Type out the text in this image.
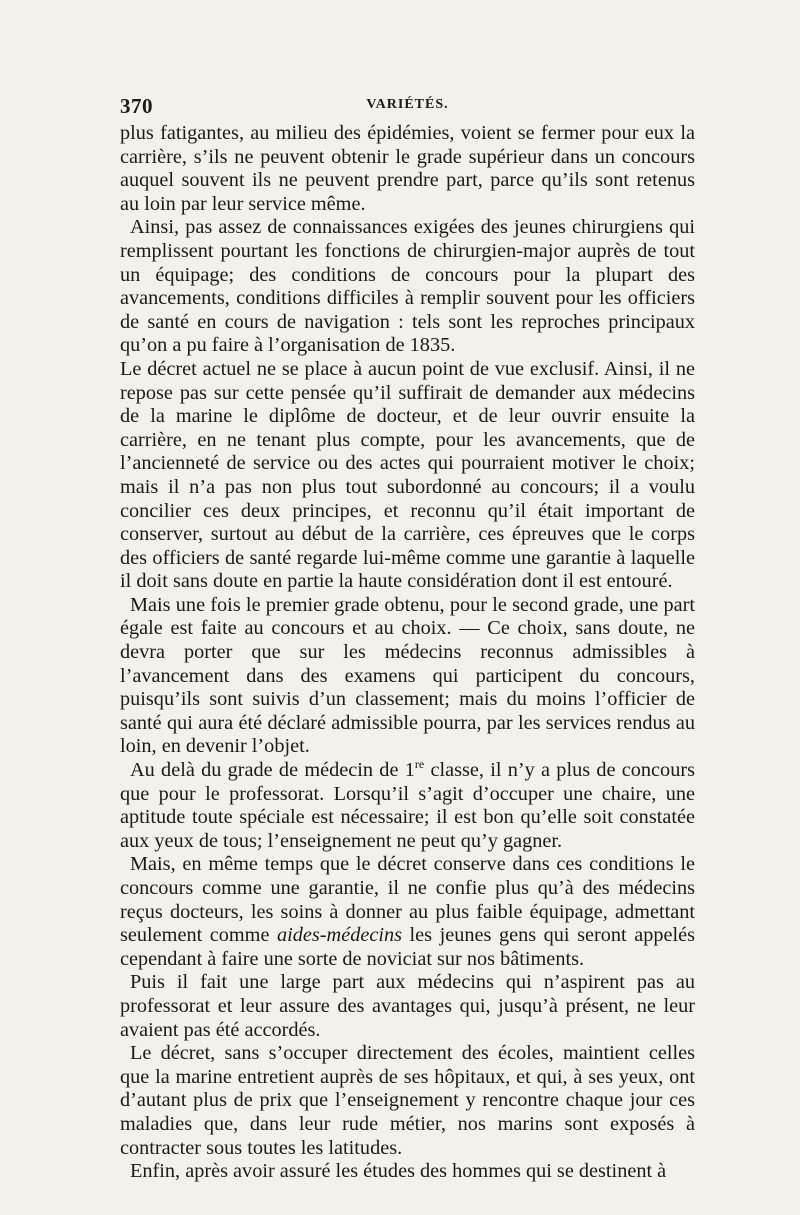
370	VARIÉTÉS.

plus fatigantes, au milieu des épidémies, voient se fermer pour eux la carrière, s’ils ne peuvent obtenir le grade supérieur dans un concours auquel souvent ils ne peuvent prendre part, parce qu’ils sont retenus au loin par leur service même.

Ainsi, pas assez de connaissances exigées des jeunes chirurgiens qui remplissent pourtant les fonctions de chirurgien-major auprès de tout un équipage; des conditions de concours pour la plupart des avancements, conditions difficiles à remplir souvent pour les officiers de santé en cours de navigation : tels sont les reproches principaux qu’on a pu faire à l’organisation de 1835.

Le décret actuel ne se place à aucun point de vue exclusif. Ainsi, il ne repose pas sur cette pensée qu’il suffirait de demander aux médecins de la marine le diplôme de docteur, et de leur ouvrir ensuite la carrière, en ne tenant plus compte, pour les avancements, que de l’ancienneté de service ou des actes qui pourraient motiver le choix; mais il n’a pas non plus tout subordonné au concours; il a voulu concilier ces deux principes, et reconnu qu’il était important de conserver, surtout au début de la carrière, ces épreuves que le corps des officiers de santé regarde lui-même comme une garantie à laquelle il doit sans doute en partie la haute considération dont il est entouré.

Mais une fois le premier grade obtenu, pour le second grade, une part égale est faite au concours et au choix. — Ce choix, sans doute, ne devra porter que sur les médecins reconnus admissibles à l’avancement dans des examens qui participent du concours, puisqu’ils sont suivis d’un classement; mais du moins l’officier de santé qui aura été déclaré admissible pourra, par les services rendus au loin, en devenir l’objet.

Au delà du grade de médecin de 1re classe, il n’y a plus de concours que pour le professorat. Lorsqu’il s’agit d’occuper une chaire, une aptitude toute spéciale est nécessaire; il est bon qu’elle soit constatée aux yeux de tous; l’enseignement ne peut qu’y gagner.

Mais, en même temps que le décret conserve dans ces conditions le concours comme une garantie, il ne confie plus qu’à des médecins reçus docteurs, les soins à donner au plus faible équipage, admettant seulement comme aides-médecins les jeunes gens qui seront appelés cependant à faire une sorte de noviciat sur nos bâtiments.

Puis il fait une large part aux médecins qui n’aspirent pas au professorat et leur assure des avantages qui, jusqu’à présent, ne leur avaient pas été accordés.

Le décret, sans s’occuper directement des écoles, maintient celles que la marine entretient auprès de ses hôpitaux, et qui, à ses yeux, ont d’autant plus de prix que l’enseignement y rencontre chaque jour ces maladies que, dans leur rude métier, nos marins sont exposés à contracter sous toutes les latitudes.

Enfin, après avoir assuré les études des hommes qui se destinent à
